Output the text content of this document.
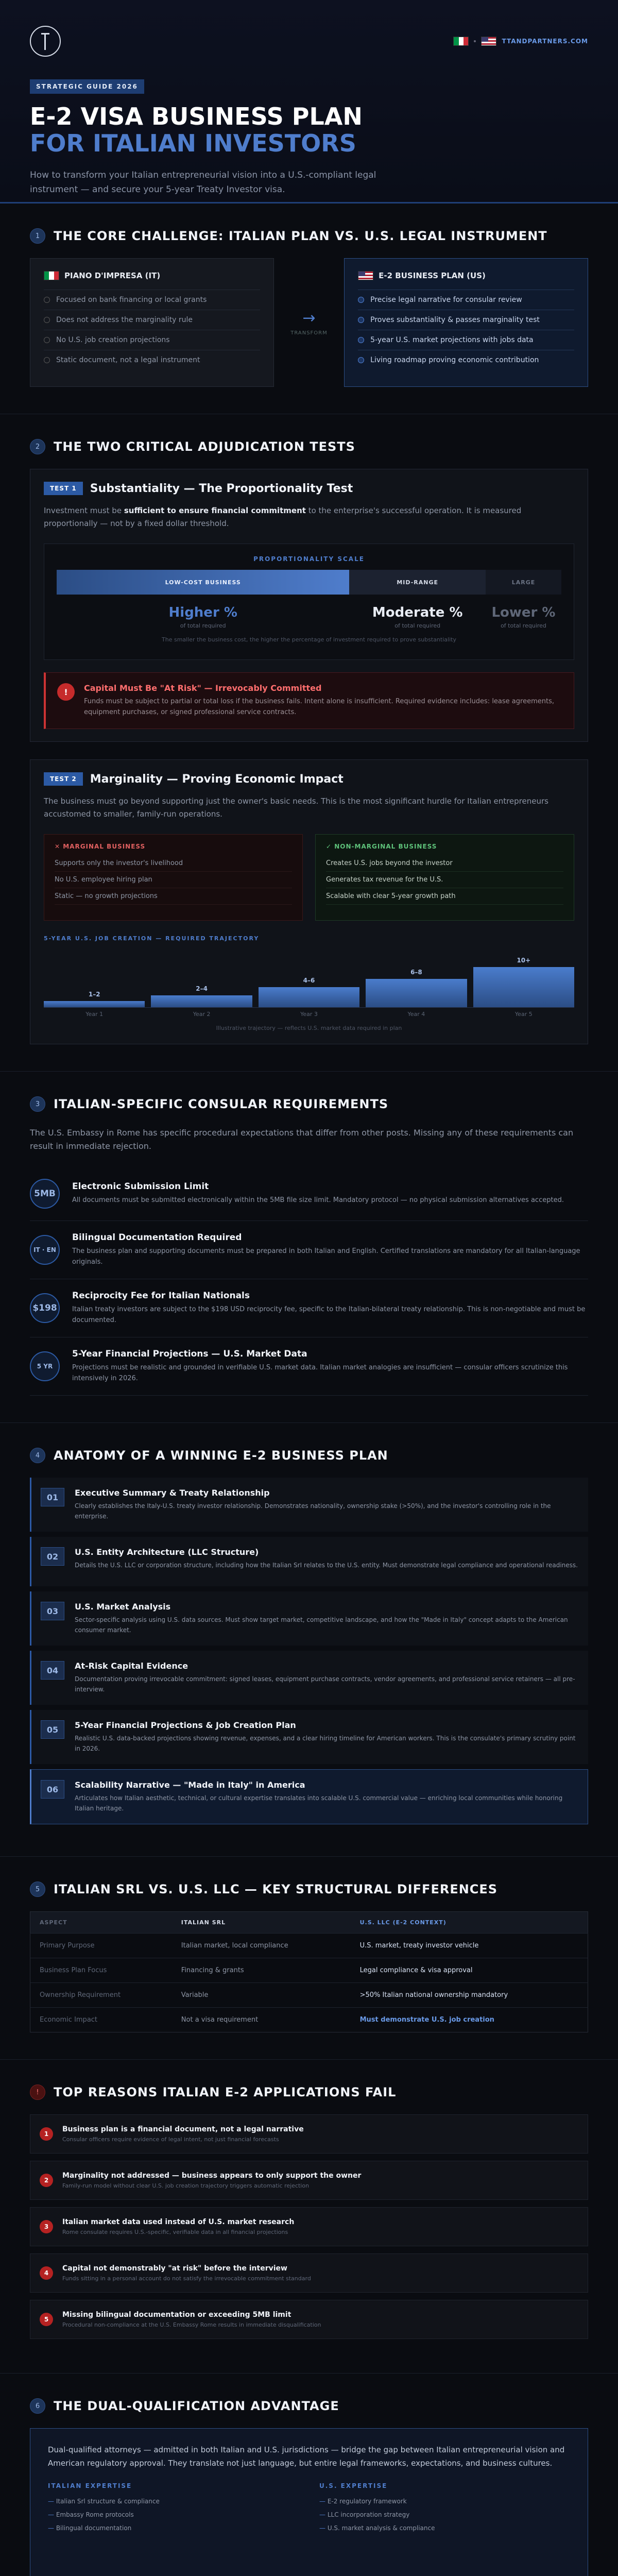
TTANDPARTNERS.COM
STRATEGIC GUIDE 2026
E-2 VISA BUSINESS PLAN
FOR ITALIAN INVESTORS
How to transform your Italian entrepreneurial vision into a U.S.-compliant legal instrument — and secure your 5-year Treaty Investor visa.
1	THE CORE CHALLENGE: ITALIAN PLAN VS. U.S. LEGAL INSTRUMENT
PIANO D'IMPRESA (IT)
Focused on bank financing or local grants
Does not address the marginality rule
No U.S. job creation projections
Static document, not a legal instrument
→
TRANSFORM
E-2 BUSINESS PLAN (US)
Precise legal narrative for consular review
Proves substantiality & passes marginality test
5-year U.S. market projections with jobs data
Living roadmap proving economic contribution
2	THE TWO CRITICAL ADJUDICATION TESTS
TEST 1	Substantiality — The Proportionality Test
Investment must be sufficient to ensure financial commitment to the enterprise's successful operation. It is measured proportionally — not by a fixed dollar threshold.
PROPORTIONALITY SCALE
LOW-COST BUSINESS	MID-RANGE	LARGE
Higher %
of total required
Moderate %
of total required
Lower %
of total required
The smaller the business cost, the higher the percentage of investment required to prove substantiality
!	Capital Must Be "At Risk" — Irrevocably Committed
Funds must be subject to partial or total loss if the business fails. Intent alone is insufficient. Required evidence includes: lease agreements, equipment purchases, or signed professional service contracts.
TEST 2	Marginality — Proving Economic Impact
The business must go beyond supporting just the owner's basic needs. This is the most significant hurdle for Italian entrepreneurs accustomed to smaller, family-run operations.
✕ MARGINAL BUSINESS
Supports only the investor's livelihood
No U.S. employee hiring plan
Static — no growth projections
✓ NON-MARGINAL BUSINESS
Creates U.S. jobs beyond the investor
Generates tax revenue for the U.S.
Scalable with clear 5-year growth path
5-YEAR U.S. JOB CREATION — REQUIRED TRAJECTORY
1–2
2–4
4–6
6–8
10+
Year 1	Year 2	Year 3	Year 4	Year 5
Illustrative trajectory — reflects U.S. market data required in plan
3	ITALIAN-SPECIFIC CONSULAR REQUIREMENTS
The U.S. Embassy in Rome has specific procedural expectations that differ from other posts. Missing any of these requirements can result in immediate rejection.
5MB
Electronic Submission Limit
All documents must be submitted electronically within the 5MB file size limit. Mandatory protocol — no physical submission alternatives accepted.
IT · EN
Bilingual Documentation Required
The business plan and supporting documents must be prepared in both Italian and English. Certified translations are mandatory for all Italian-language originals.
$198
Reciprocity Fee for Italian Nationals
Italian treaty investors are subject to the $198 USD reciprocity fee, specific to the Italian-bilateral treaty relationship. This is non-negotiable and must be documented.
5 YR
5-Year Financial Projections — U.S. Market Data
Projections must be realistic and grounded in verifiable U.S. market data. Italian market analogies are insufficient — consular officers scrutinize this intensively in 2026.
4	ANATOMY OF A WINNING E-2 BUSINESS PLAN
01	Executive Summary & Treaty Relationship
Clearly establishes the Italy-U.S. treaty investor relationship. Demonstrates nationality, ownership stake (>50%), and the investor's controlling role in the enterprise.
02	U.S. Entity Architecture (LLC Structure)
Details the U.S. LLC or corporation structure, including how the Italian SrI relates to the U.S. entity. Must demonstrate legal compliance and operational readiness.
03	U.S. Market Analysis
Sector-specific analysis using U.S. data sources. Must show target market, competitive landscape, and how the "Made in Italy" concept adapts to the American consumer market.
04	At-Risk Capital Evidence
Documentation proving irrevocable commitment: signed leases, equipment purchase contracts, vendor agreements, and professional service retainers — all pre-interview.
05	5-Year Financial Projections & Job Creation Plan
Realistic U.S. data-backed projections showing revenue, expenses, and a clear hiring timeline for American workers. This is the consulate's primary scrutiny point in 2026.
06	Scalability Narrative — "Made in Italy" in America
Articulates how Italian aesthetic, technical, or cultural expertise translates into scalable U.S. commercial value — enriching local communities while honoring Italian heritage.
5	ITALIAN SRL VS. U.S. LLC — KEY STRUCTURAL DIFFERENCES
ASPECT	ITALIAN SRL	U.S. LLC (E-2 CONTEXT)
Primary Purpose	Italian market, local compliance	U.S. market, treaty investor vehicle
Business Plan Focus	Financing & grants	Legal compliance & visa approval
Ownership Requirement	Variable	>50% Italian national ownership mandatory
Economic Impact	Not a visa requirement	Must demonstrate U.S. job creation
!	TOP REASONS ITALIAN E-2 APPLICATIONS FAIL
1
Business plan is a financial document, not a legal narrative
Consular officers require evidence of legal intent, not just financial forecasts
2
Marginality not addressed — business appears to only support the owner
Family-run model without clear U.S. job creation trajectory triggers automatic rejection
3
Italian market data used instead of U.S. market research
Rome consulate requires U.S.-specific, verifiable data in all financial projections
4
Capital not demonstrably "at risk" before the interview
Funds sitting in a personal account do not satisfy the irrevocable commitment standard
5
Missing bilingual documentation or exceeding 5MB limit
Procedural non-compliance at the U.S. Embassy Rome results in immediate disqualification
6	THE DUAL-QUALIFICATION ADVANTAGE
Dual-qualified attorneys — admitted in both Italian and U.S. jurisdictions — bridge the gap between Italian entrepreneurial vision and American regulatory approval. They translate not just language, but entire legal frameworks, expectations, and business cultures.
ITALIAN EXPERTISE
— Italian Srl structure & compliance
— Embassy Rome protocols
— Bilingual documentation
U.S. EXPERTISE
— E-2 regulatory framework
— LLC incorporation strategy
— U.S. market analysis & compliance
